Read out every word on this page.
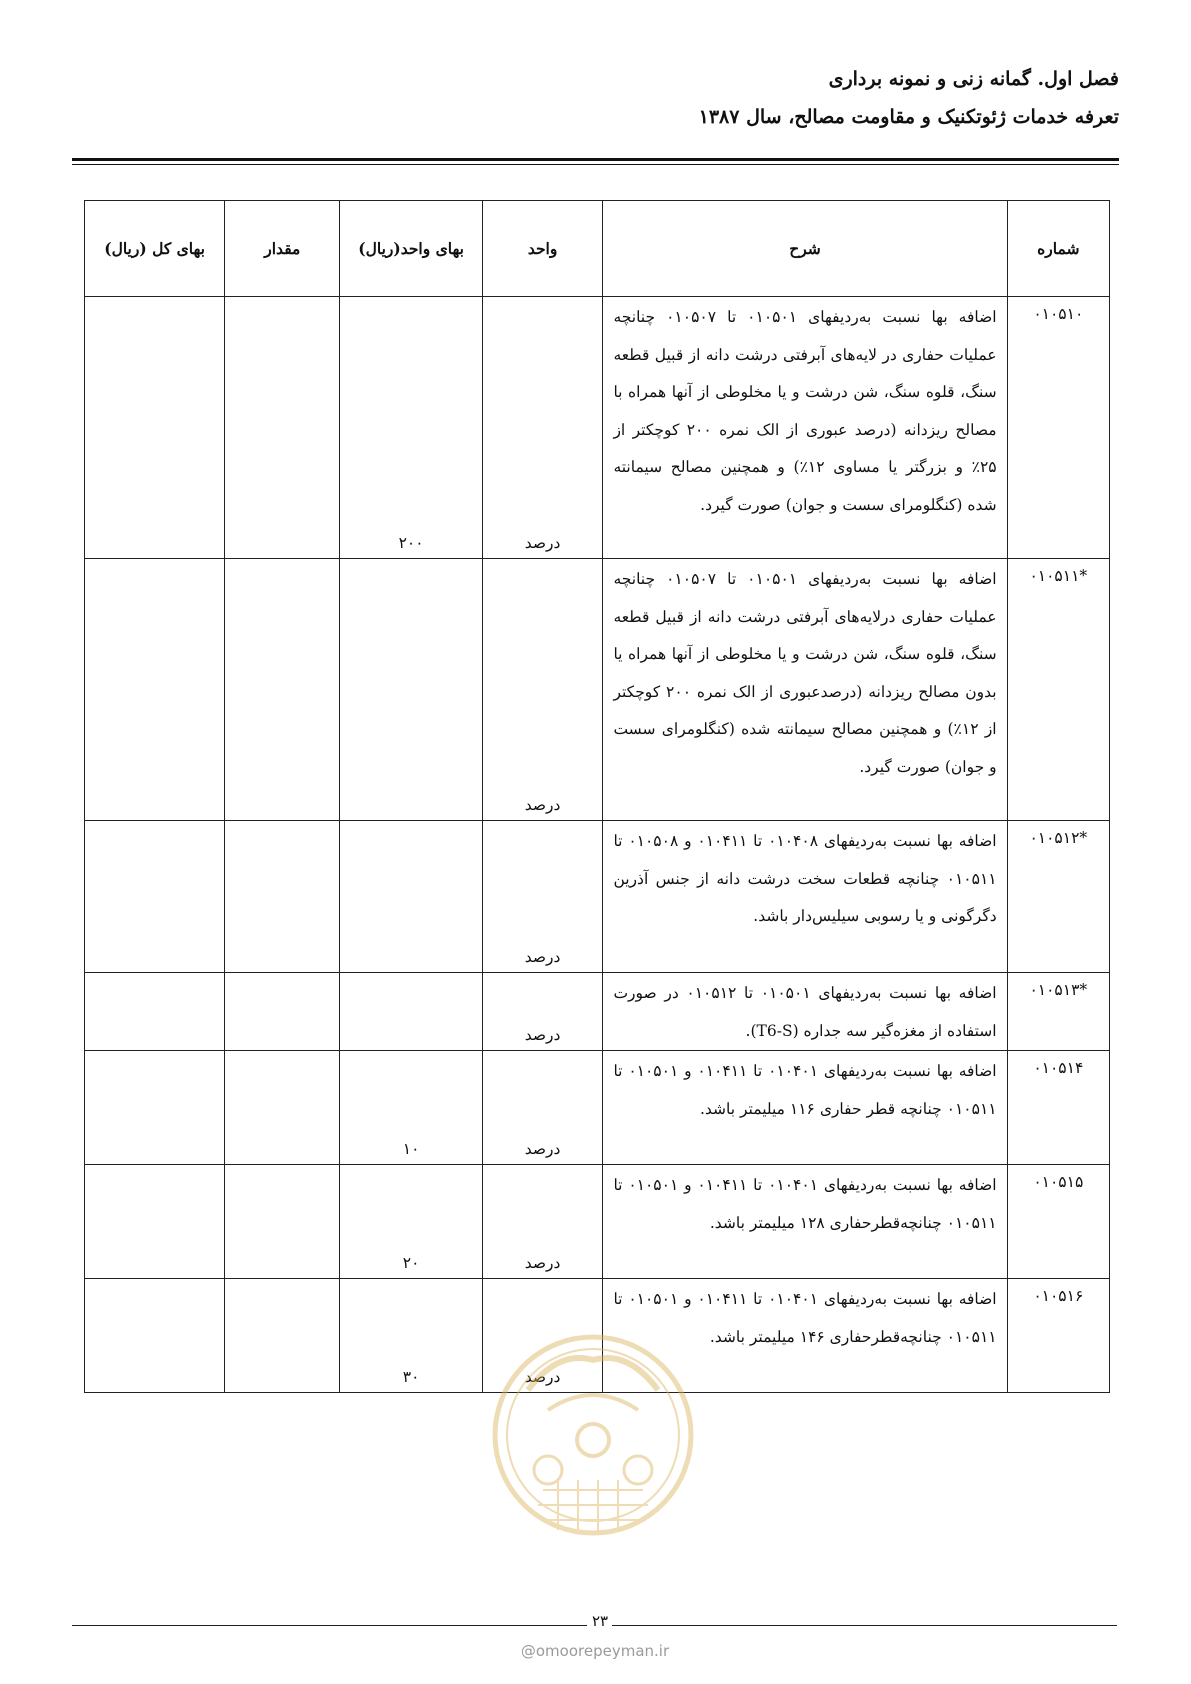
فصل اول. گمانه زنی و نمونه برداری
تعرفه خدمات ژئوتکنیک و مقاومت مصالح، سال ۱۳۸۷
شماره	شرح	واحد	بهای واحد(ریال)	مقدار	بهای کل (ریال)
۰۱۰۵۱۰	اضافه بها نسبت به‌ردیفهای ۰۱۰۵۰۱ تا ۰۱۰۵۰۷ چنانچه عملیات حفاری در لایه‌های آبرفتی درشت دانه از قبیل قطعه سنگ، قلوه سنگ، شن درشت و یا مخلوطی از آنها همراه با مصالح ریزدانه (درصد عبوری از الک نمره ۲۰۰ کوچکتر از ۲۵٪ و بزرگتر یا مساوی ۱۲٪) و همچنین مصالح سیمانته شده (کنگلومرای سست و جوان) صورت گیرد.	درصد	۲۰۰		
*۰۱۰۵۱۱	اضافه بها نسبت به‌ردیفهای ۰۱۰۵۰۱ تا ۰۱۰۵۰۷ چنانچه عملیات حفاری درلایه‌های آبرفتی درشت دانه از قبیل قطعه سنگ، قلوه سنگ، شن درشت و یا مخلوطی از آنها همراه یا بدون مصالح ریزدانه (درصدعبوری از الک نمره ۲۰۰ کوچکتر از ۱۲٪) و همچنین مصالح سیمانته شده (کنگلومرای سست و جوان) صورت گیرد.	درصد			
*۰۱۰۵۱۲	اضافه بها نسبت به‌ردیفهای ۰۱۰۴۰۸ تا ۰۱۰۴۱۱ و ۰۱۰۵۰۸ تا ۰۱۰۵۱۱ چنانچه قطعات سخت درشت دانه از جنس آذرین دگرگونی و یا رسوبی سیلیس‌دار باشد.	درصد			
*۰۱۰۵۱۳	اضافه بها نسبت به‌ردیفهای ۰۱۰۵۰۱ تا ۰۱۰۵۱۲ در صورت استفاده از مغزه‌گیر سه جداره (T6-S).	درصد			
۰۱۰۵۱۴	اضافه بها نسبت به‌ردیفهای ۰۱۰۴۰۱ تا ۰۱۰۴۱۱ و ۰۱۰۵۰۱ تا ۰۱۰۵۱۱ چنانچه قطر حفاری ۱۱۶ میلیمتر باشد.	درصد	۱۰		
۰۱۰۵۱۵	اضافه بها نسبت به‌ردیفهای ۰۱۰۴۰۱ تا ۰۱۰۴۱۱ و ۰۱۰۵۰۱ تا ۰۱۰۵۱۱ چنانچه‌قطرحفاری ۱۲۸ میلیمتر باشد.	درصد	۲۰		
۰۱۰۵۱۶	اضافه بها نسبت به‌ردیفهای ۰۱۰۴۰۱ تا ۰۱۰۴۱۱ و ۰۱۰۵۰۱ تا ۰۱۰۵۱۱ چنانچه‌قطرحفاری ۱۴۶ میلیمتر باشد.	درصد	۳۰		
۲۳
@omoorepeyman.ir
